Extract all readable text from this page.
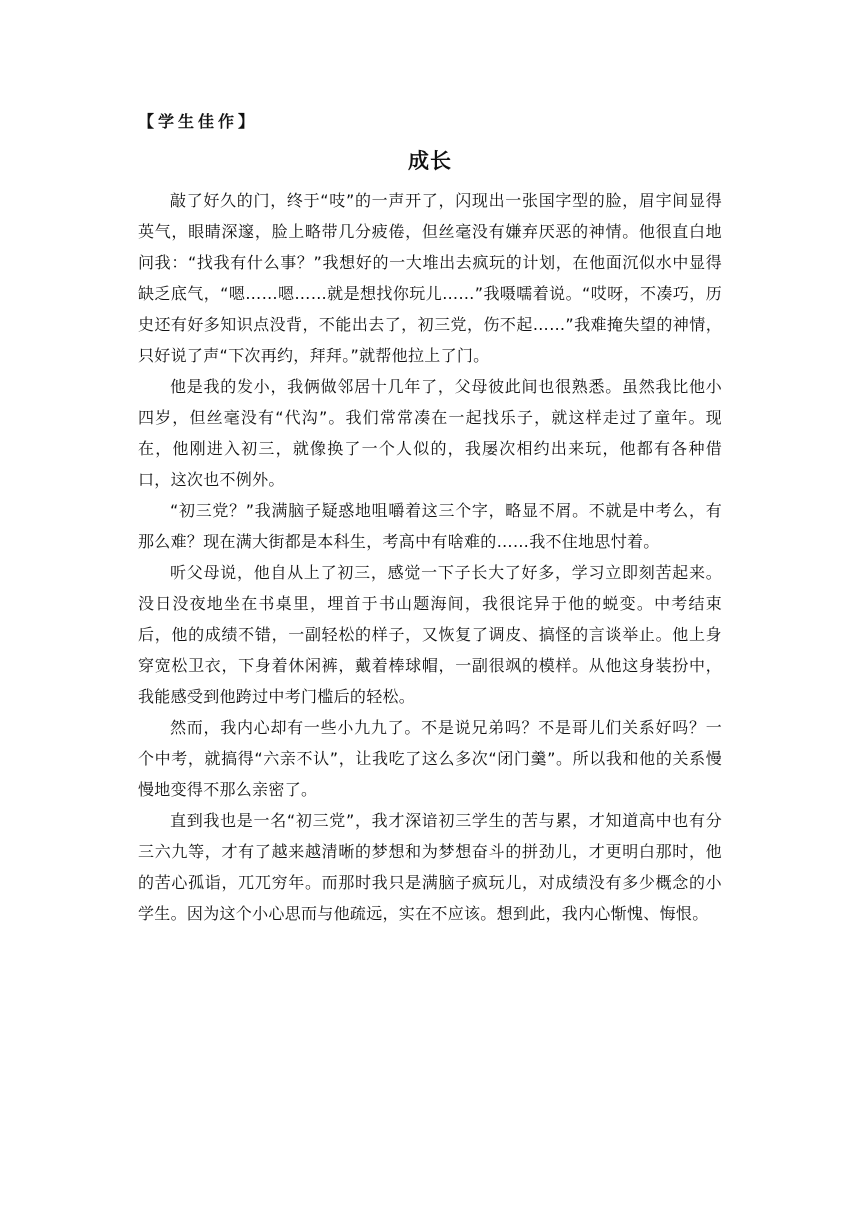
【学生佳作】
成长

敲了好久的门，终于“吱”的一声开了，闪现出一张国字型的脸，眉宇间显得英气，眼睛深邃，脸上略带几分疲倦，但丝毫没有嫌弃厌恶的神情。他很直白地问我：“找我有什么事？”我想好的一大堆出去疯玩的计划，在他面沉似水中显得缺乏底气，“嗯……嗯……就是想找你玩儿……”我嗫嚅着说。“哎呀，不凑巧，历史还有好多知识点没背，不能出去了，初三党，伤不起……”我难掩失望的神情，只好说了声“下次再约，拜拜。”就帮他拉上了门。

他是我的发小，我俩做邻居十几年了，父母彼此间也很熟悉。虽然我比他小四岁，但丝毫没有“代沟”。我们常常凑在一起找乐子，就这样走过了童年。现在，他刚进入初三，就像换了一个人似的，我屡次相约出来玩，他都有各种借口，这次也不例外。

“初三党？”我满脑子疑惑地咀嚼着这三个字，略显不屑。不就是中考么，有那么难？现在满大街都是本科生，考高中有啥难的……我不住地思忖着。

听父母说，他自从上了初三，感觉一下子长大了好多，学习立即刻苦起来。没日没夜地坐在书桌里，埋首于书山题海间，我很诧异于他的蜕变。中考结束后，他的成绩不错，一副轻松的样子，又恢复了调皮、搞怪的言谈举止。他上身穿宽松卫衣，下身着休闲裤，戴着棒球帽，一副很飒的模样。从他这身装扮中，我能感受到他跨过中考门槛后的轻松。

然而，我内心却有一些小九九了。不是说兄弟吗？不是哥儿们关系好吗？一个中考，就搞得“六亲不认”，让我吃了这么多次“闭门羹”。所以我和他的关系慢慢地变得不那么亲密了。

直到我也是一名“初三党”，我才深谙初三学生的苦与累，才知道高中也有分三六九等，才有了越来越清晰的梦想和为梦想奋斗的拼劲儿，才更明白那时，他的苦心孤诣，兀兀穷年。而那时我只是满脑子疯玩儿，对成绩没有多少概念的小学生。因为这个小心思而与他疏远，实在不应该。想到此，我内心惭愧、悔恨。
